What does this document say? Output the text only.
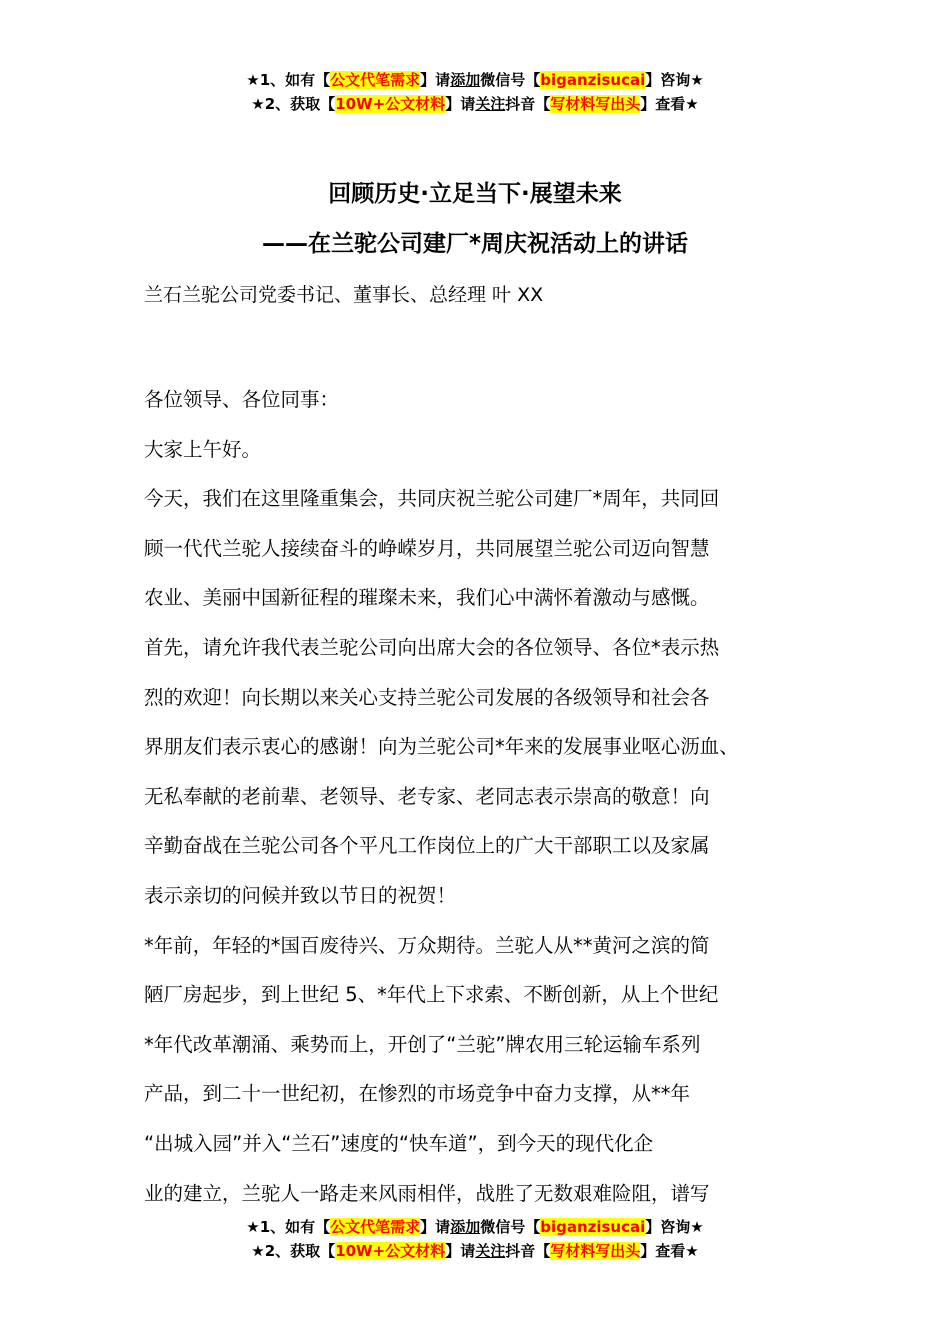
★1、如有【公文代笔需求】请添加微信号【biganzisucai】咨询★
★2、获取【10W+公文材料】请关注抖音【写材料写出头】查看★
回顾历史·立足当下·展望未来
——在兰驼公司建厂*周庆祝活动上的讲话
兰石兰驼公司党委书记、董事长、总经理 叶 XX
各位领导、各位同事：
大家上午好。
今天，我们在这里隆重集会，共同庆祝兰驼公司建厂*周年，共同回
顾一代代兰驼人接续奋斗的峥嵘岁月，共同展望兰驼公司迈向智慧
农业、美丽中国新征程的璀璨未来，我们心中满怀着激动与感慨。
首先，请允许我代表兰驼公司向出席大会的各位领导、各位*表示热
烈的欢迎！向长期以来关心支持兰驼公司发展的各级领导和社会各
界朋友们表示衷心的感谢！向为兰驼公司*年来的发展事业呕心沥血、
无私奉献的老前辈、老领导、老专家、老同志表示崇高的敬意！向
辛勤奋战在兰驼公司各个平凡工作岗位上的广大干部职工以及家属
表示亲切的问候并致以节日的祝贺！
*年前，年轻的*国百废待兴、万众期待。兰驼人从**黄河之滨的简
陋厂房起步，到上世纪 5、*年代上下求索、不断创新，从上个世纪
*年代改革潮涌、乘势而上，开创了“兰驼”牌农用三轮运输车系列
产品，到二十一世纪初，在惨烈的市场竞争中奋力支撑，从**年
“出城入园”并入“兰石”速度的“快车道”，到今天的现代化企
业的建立，兰驼人一路走来风雨相伴，战胜了无数艰难险阻，谱写
★1、如有【公文代笔需求】请添加微信号【biganzisucai】咨询★
★2、获取【10W+公文材料】请关注抖音【写材料写出头】查看★
